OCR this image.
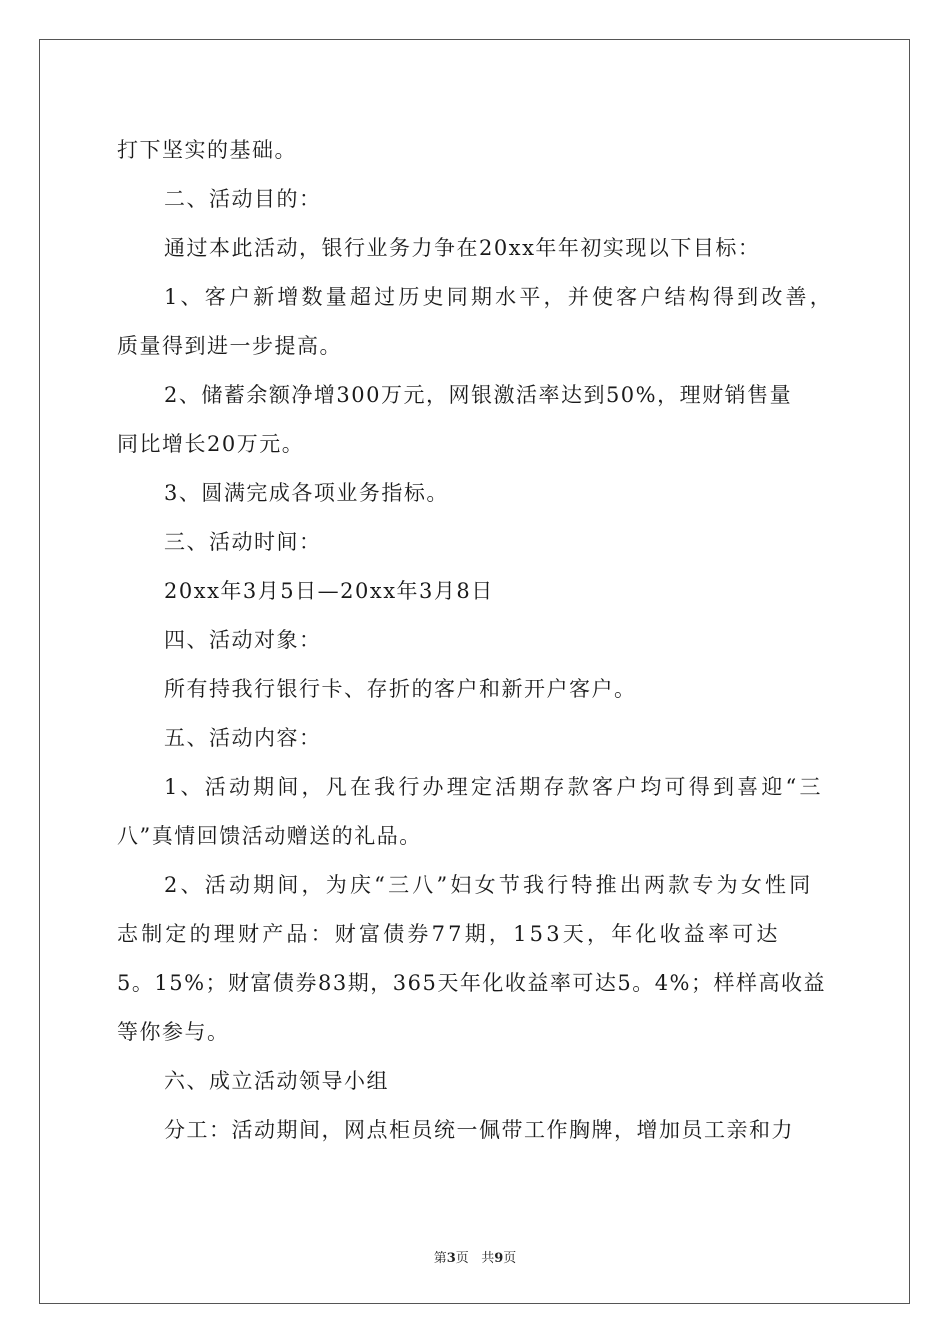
打下坚实的基础。
二、活动目的：
通过本此活动，银行业务力争在20xx年年初实现以下目标：
1、客户新增数量超过历史同期水平，并使客户结构得到改善，
质量得到进一步提高。
2、储蓄余额净增300万元，网银激活率达到50%，理财销售量
同比增长20万元。
3、圆满完成各项业务指标。
三、活动时间：
20xx年3月5日—20xx年3月8日
四、活动对象：
所有持我行银行卡、存折的客户和新开户客户。
五、活动内容：
1、活动期间，凡在我行办理定活期存款客户均可得到喜迎“三
八”真情回馈活动赠送的礼品。
2、活动期间，为庆“三八”妇女节我行特推出两款专为女性同
志制定的理财产品：财富债券77期，153天，年化收益率可达
5。15%；财富债券83期，365天年化收益率可达5。4%；样样高收益
等你参与。
六、成立活动领导小组
分工：活动期间，网点柜员统一佩带工作胸牌，增加员工亲和力
第3页 共9页
